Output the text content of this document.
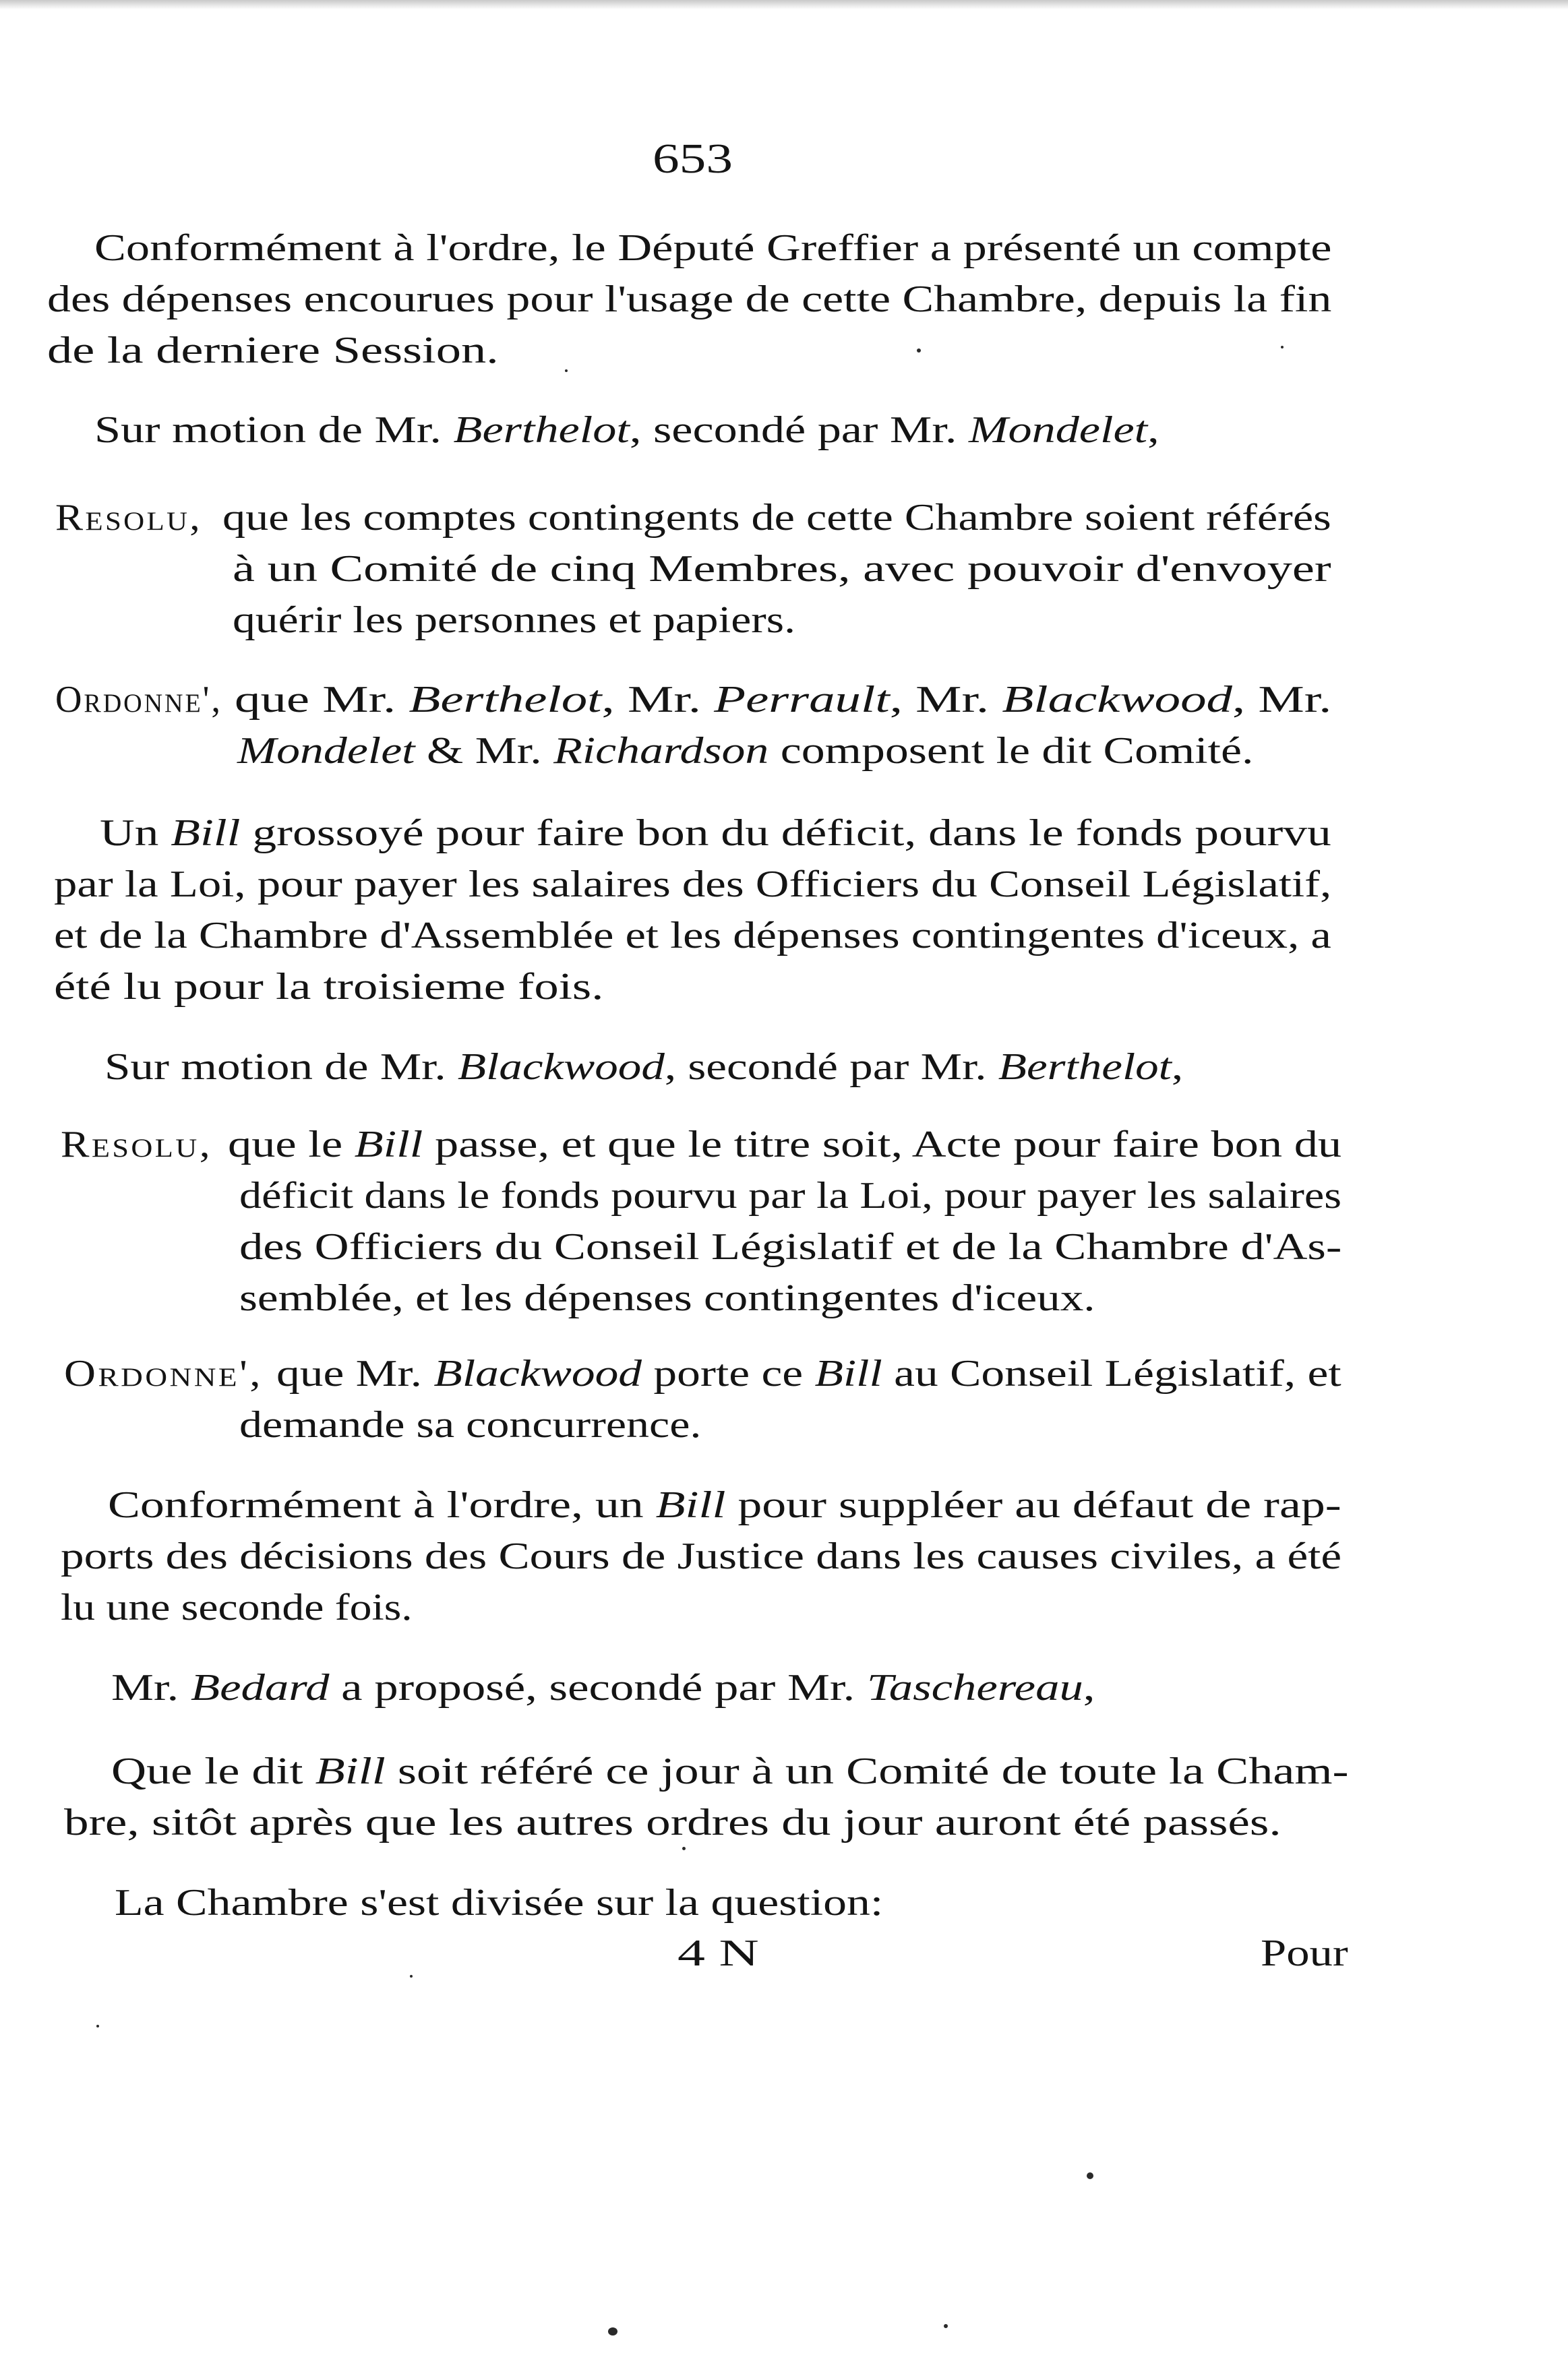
653
Conformément à l'ordre, le Député Greffier a présenté un compte
des dépenses encourues pour l'usage de cette Chambre, depuis la fin
de la derniere Session.
Sur motion de Mr. Berthelot, secondé par Mr. Mondelet,
Resolu, que les comptes contingents de cette Chambre soient référés
à un Comité de cinq Membres, avec pouvoir d'envoyer
quérir les personnes et papiers.
Ordonne', que Mr. Berthelot, Mr. Perrault, Mr. Blackwood, Mr.
Mondelet & Mr. Richardson composent le dit Comité.
Un Bill grossoyé pour faire bon du déficit, dans le fonds pourvu
par la Loi, pour payer les salaires des Officiers du Conseil Législatif,
et de la Chambre d'Assemblée et les dépenses contingentes d'iceux, a
été lu pour la troisieme fois.
Sur motion de Mr. Blackwood, secondé par Mr. Berthelot,
Resolu, que le Bill passe, et que le titre soit, Acte pour faire bon du
déficit dans le fonds pourvu par la Loi, pour payer les salaires
des Officiers du Conseil Législatif et de la Chambre d'As-
semblée, et les dépenses contingentes d'iceux.
Ordonne', que Mr. Blackwood porte ce Bill au Conseil Législatif, et
demande sa concurrence.
Conformément à l'ordre, un Bill pour suppléer au défaut de rap-
ports des décisions des Cours de Justice dans les causes civiles, a été
lu une seconde fois.
Mr. Bedard a proposé, secondé par Mr. Taschereau,
Que le dit Bill soit référé ce jour à un Comité de toute la Cham-
bre, sitôt après que les autres ordres du jour auront été passés.
La Chambre s'est divisée sur la question:
4 N	Pour
